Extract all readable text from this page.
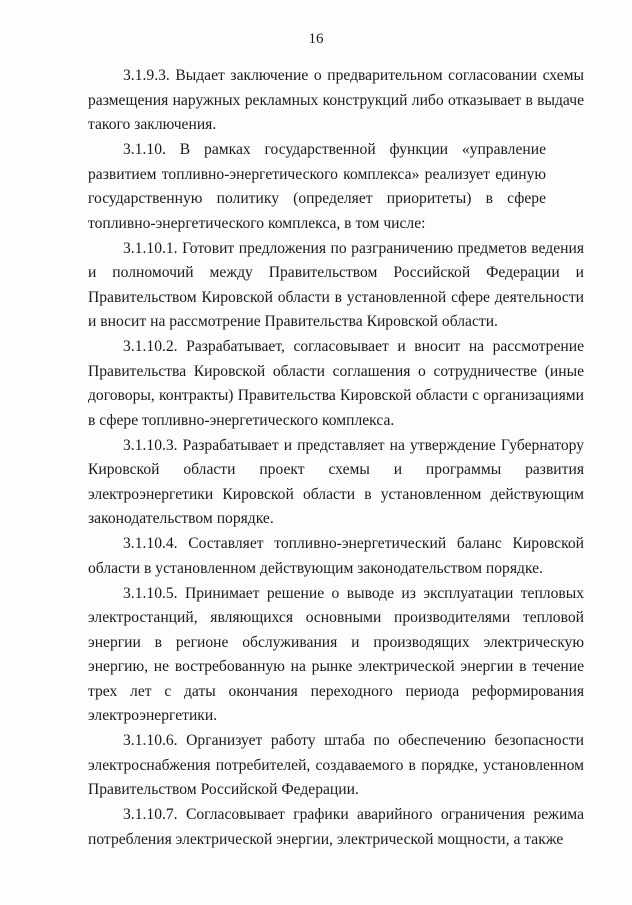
16

3.1.9.3. Выдает заключение о предварительном согласовании схемы размещения наружных рекламных конструкций либо отказывает в выдаче такого заключения.

3.1.10. В рамках государственной функции «управление развитием топливно-энергетического комплекса» реализует единую государственную политику (определяет приоритеты) в сфере топливно-энергетического комплекса, в том числе:

3.1.10.1. Готовит предложения по разграничению предметов ведения и полномочий между Правительством Российской Федерации и Правительством Кировской области в установленной сфере деятельности и вносит на рассмотрение Правительства Кировской области.

3.1.10.2. Разрабатывает, согласовывает и вносит на рассмотрение Правительства Кировской области соглашения о сотрудничестве (иные договоры, контракты) Правительства Кировской области с организациями в сфере топливно-энергетического комплекса.

3.1.10.3. Разрабатывает и представляет на утверждение Губернатору Кировской области проект схемы и программы развития электроэнергетики Кировской области в установленном действующим законодательством порядке.

3.1.10.4. Составляет топливно-энергетический баланс Кировской области в установленном действующим законодательством порядке.

3.1.10.5. Принимает решение о выводе из эксплуатации тепловых электростанций, являющихся основными производителями тепловой энергии в регионе обслуживания и производящих электрическую энергию, не востребованную на рынке электрической энергии в течение трех лет с даты окончания переходного периода реформирования электроэнергетики.

3.1.10.6. Организует работу штаба по обеспечению безопасности электроснабжения потребителей, создаваемого в порядке, установленном Правительством Российской Федерации.

3.1.10.7. Согласовывает графики аварийного ограничения режима потребления электрической энергии, электрической мощности, а также
